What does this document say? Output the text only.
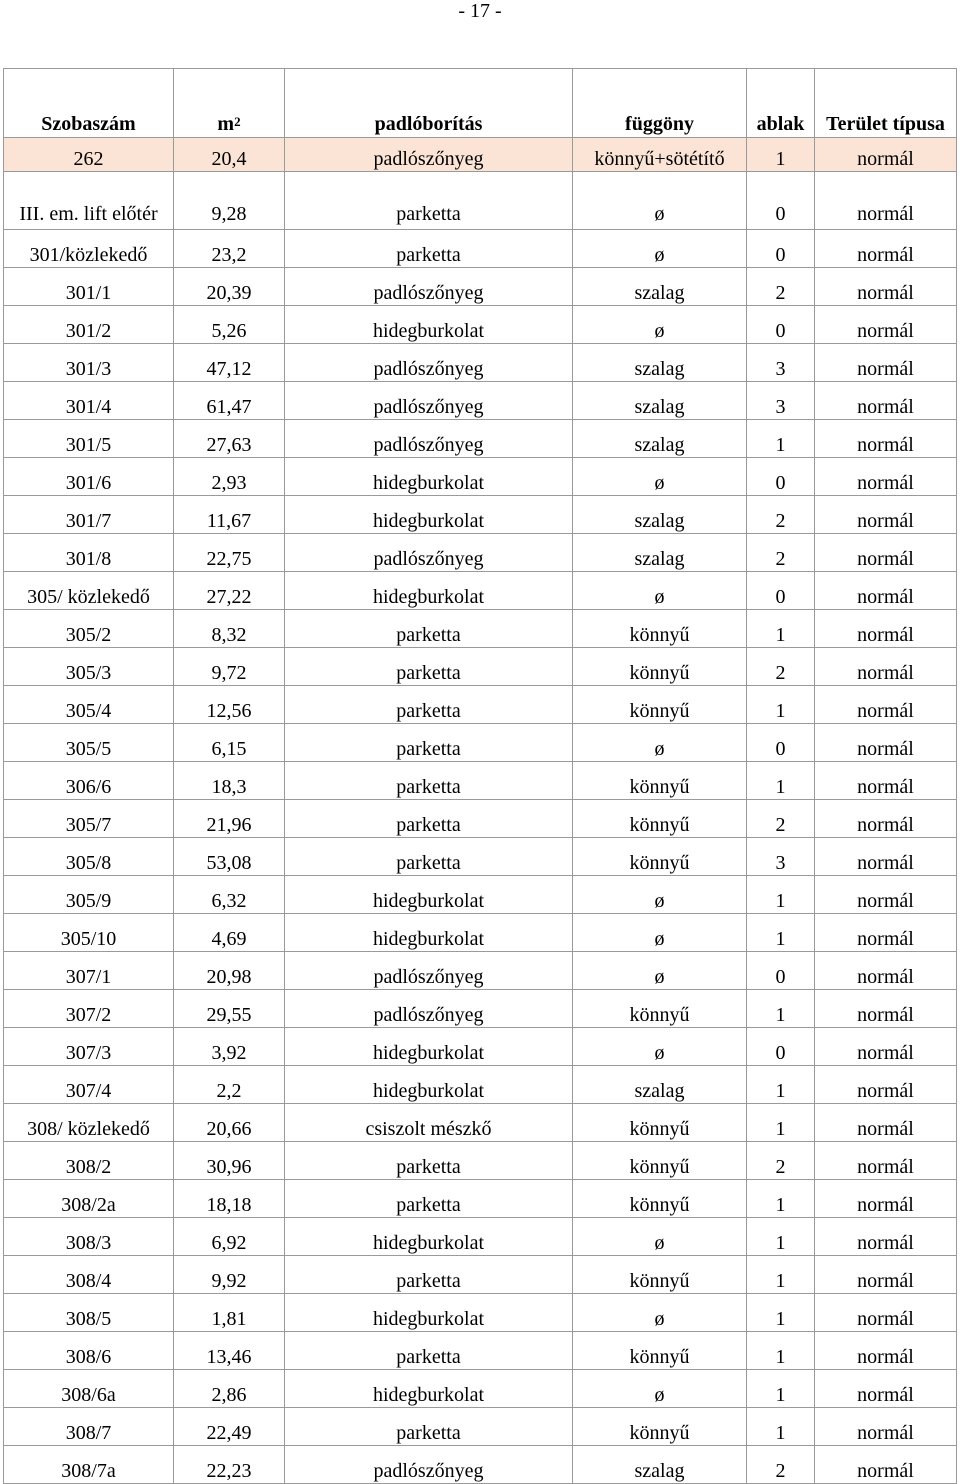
- 17 -
Szobaszám	$m^2$	padlóborítás	függöny	ablak	Terület típusa
262	20,4	padlószőnyeg	könnyű+sötétítő	1	normál
III. em. lift előtér	9,28	parketta	ø	0	normál
301/közlekedő	23,2	parketta	ø	0	normál
301/1	20,39	padlószőnyeg	szalag	2	normál
301/2	5,26	hidegburkolat	ø	0	normál
301/3	47,12	padlószőnyeg	szalag	3	normál
301/4	61,47	padlószőnyeg	szalag	3	normál
301/5	27,63	padlószőnyeg	szalag	1	normál
301/6	2,93	hidegburkolat	ø	0	normál
301/7	11,67	hidegburkolat	szalag	2	normál
301/8	22,75	padlószőnyeg	szalag	2	normál
305/ közlekedő	27,22	hidegburkolat	ø	0	normál
305/2	8,32	parketta	könnyű	1	normál
305/3	9,72	parketta	könnyű	2	normál
305/4	12,56	parketta	könnyű	1	normál
305/5	6,15	parketta	ø	0	normál
306/6	18,3	parketta	könnyű	1	normál
305/7	21,96	parketta	könnyű	2	normál
305/8	53,08	parketta	könnyű	3	normál
305/9	6,32	hidegburkolat	ø	1	normál
305/10	4,69	hidegburkolat	ø	1	normál
307/1	20,98	padlószőnyeg	ø	0	normál
307/2	29,55	padlószőnyeg	könnyű	1	normál
307/3	3,92	hidegburkolat	ø	0	normál
307/4	2,2	hidegburkolat	szalag	1	normál
308/ közlekedő	20,66	csiszolt mészkő	könnyű	1	normál
308/2	30,96	parketta	könnyű	2	normál
308/2a	18,18	parketta	könnyű	1	normál
308/3	6,92	hidegburkolat	ø	1	normál
308/4	9,92	parketta	könnyű	1	normál
308/5	1,81	hidegburkolat	ø	1	normál
308/6	13,46	parketta	könnyű	1	normál
308/6a	2,86	hidegburkolat	ø	1	normál
308/7	22,49	parketta	könnyű	1	normál
308/7a	22,23	padlószőnyeg	szalag	2	normál
